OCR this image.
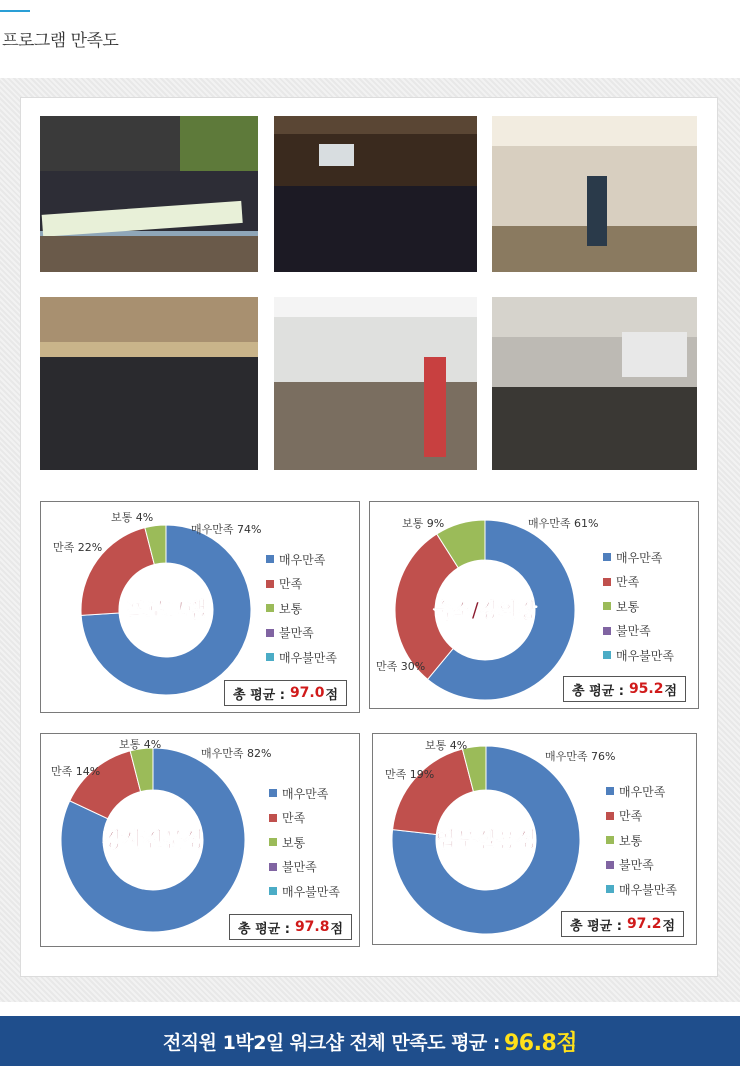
프로그램 만족도
매우만족 74%
만족 22%
보통 4%
프로그램
총 평균 : 97.0 점
매우만족
만족
보통
불만족
매우불만족
매우만족 61%
만족 30%
보통 9%
숙소/강의장
총 평균 : 95.2 점
매우만족
만족
보통
불만족
매우불만족
매우만족 82%
만족 14%
보통 4%
강사전문성
총 평균 : 97.8 점
매우만족
만족
보통
불만족
매우불만족
매우만족 76%
만족 19%
보통 4%
업무실용성
총 평균 : 97.2 점
매우만족
만족
보통
불만족
매우불만족
전직원 1박2일 워크샵 전체 만족도 평균 : 96.8점
